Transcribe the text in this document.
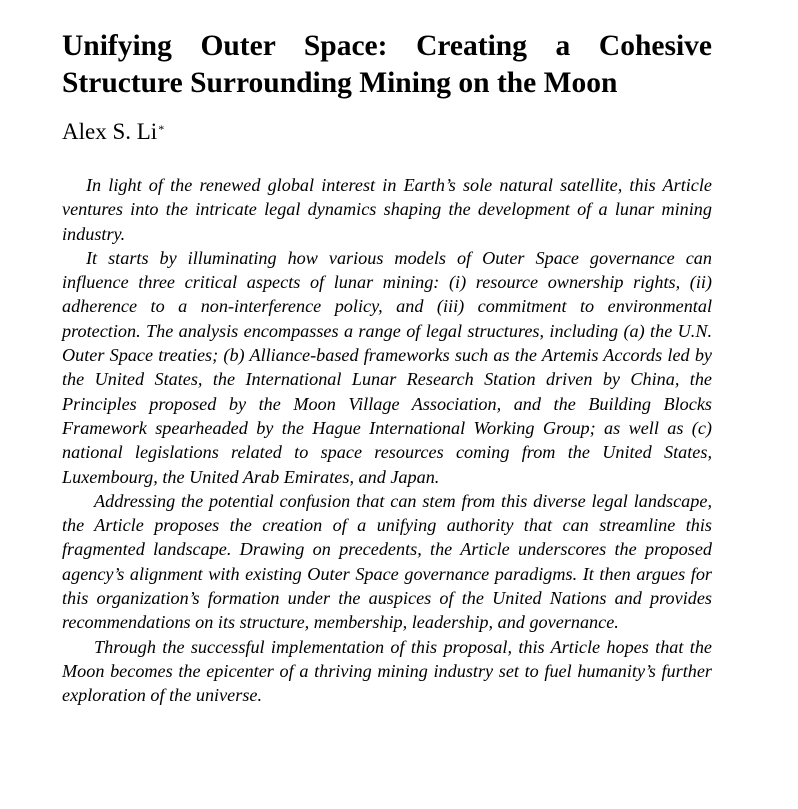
Unifying Outer Space: Creating a Cohesive
Structure Surrounding Mining on the Moon
Alex S. Li*

In light of the renewed global interest in Earth’s sole natural satellite, this Article ventures into the intricate legal dynamics shaping the development of a lunar mining industry.

It starts by illuminating how various models of Outer Space governance can influence three critical aspects of lunar mining: (i) resource ownership rights, (ii) adherence to a non-interference policy, and (iii) commitment to environmental protection. The analysis encompasses a range of legal structures, including (a) the U.N. Outer Space treaties; (b) Alliance-based frameworks such as the Artemis Accords led by the United States, the International Lunar Research Station driven by China, the Principles proposed by the Moon Village Association, and the Building Blocks Framework spearheaded by the Hague International Working Group; as well as (c) national legislations related to space resources coming from the United States, Luxembourg, the United Arab Emirates, and Japan.

Addressing the potential confusion that can stem from this diverse legal landscape, the Article proposes the creation of a unifying authority that can streamline this fragmented landscape. Drawing on precedents, the Article underscores the proposed agency’s alignment with existing Outer Space governance paradigms. It then argues for this organization’s formation under the auspices of the United Nations and provides recommendations on its structure, membership, leadership, and governance.

Through the successful implementation of this proposal, this Article hopes that the Moon becomes the epicenter of a thriving mining industry set to fuel humanity’s further exploration of the universe.
